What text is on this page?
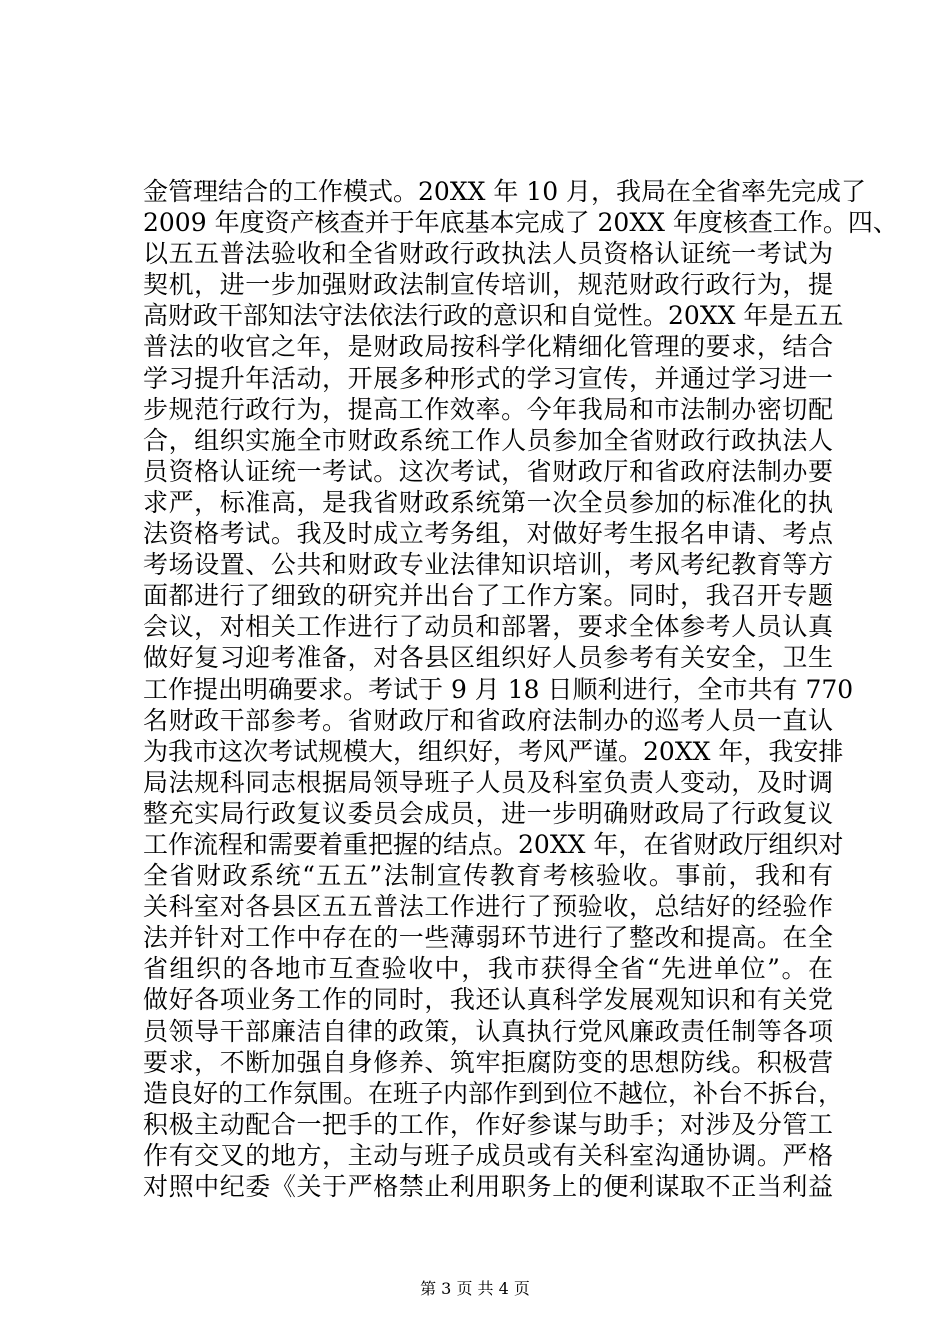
金管理结合的工作模式。20XX 年 10 月，我局在全省率先完成了
2009 年度资产核查并于年底基本完成了 20XX 年度核查工作。四、
以五五普法验收和全省财政行政执法人员资格认证统一考试为
契机，进一步加强财政法制宣传培训，规范财政行政行为，提
高财政干部知法守法依法行政的意识和自觉性。20XX 年是五五
普法的收官之年，是财政局按科学化精细化管理的要求，结合
学习提升年活动，开展多种形式的学习宣传，并通过学习进一
步规范行政行为，提高工作效率。今年我局和市法制办密切配
合，组织实施全市财政系统工作人员参加全省财政行政执法人
员资格认证统一考试。这次考试，省财政厅和省政府法制办要
求严，标准高，是我省财政系统第一次全员参加的标准化的执
法资格考试。我及时成立考务组，对做好考生报名申请、考点
考场设置、公共和财政专业法律知识培训，考风考纪教育等方
面都进行了细致的研究并出台了工作方案。同时，我召开专题
会议，对相关工作进行了动员和部署，要求全体参考人员认真
做好复习迎考准备，对各县区组织好人员参考有关安全，卫生
工作提出明确要求。考试于 9 月 18 日顺利进行，全市共有 770
名财政干部参考。省财政厅和省政府法制办的巡考人员一直认
为我市这次考试规模大，组织好，考风严谨。20XX 年，我安排
局法规科同志根据局领导班子人员及科室负责人变动，及时调
整充实局行政复议委员会成员，进一步明确财政局了行政复议
工作流程和需要着重把握的结点。20XX 年，在省财政厅组织对
全省财政系统“五五”法制宣传教育考核验收。事前，我和有
关科室对各县区五五普法工作进行了预验收，总结好的经验作
法并针对工作中存在的一些薄弱环节进行了整改和提高。在全
省组织的各地市互查验收中，我市获得全省“先进单位”。在
做好各项业务工作的同时，我还认真科学发展观知识和有关党
员领导干部廉洁自律的政策，认真执行党风廉政责任制等各项
要求，不断加强自身修养、筑牢拒腐防变的思想防线。积极营
造良好的工作氛围。在班子内部作到到位不越位，补台不拆台，
积极主动配合一把手的工作，作好参谋与助手；对涉及分管工
作有交叉的地方，主动与班子成员或有关科室沟通协调。严格
对照中纪委《关于严格禁止利用职务上的便利谋取不正当利益
第 3 页 共 4 页
